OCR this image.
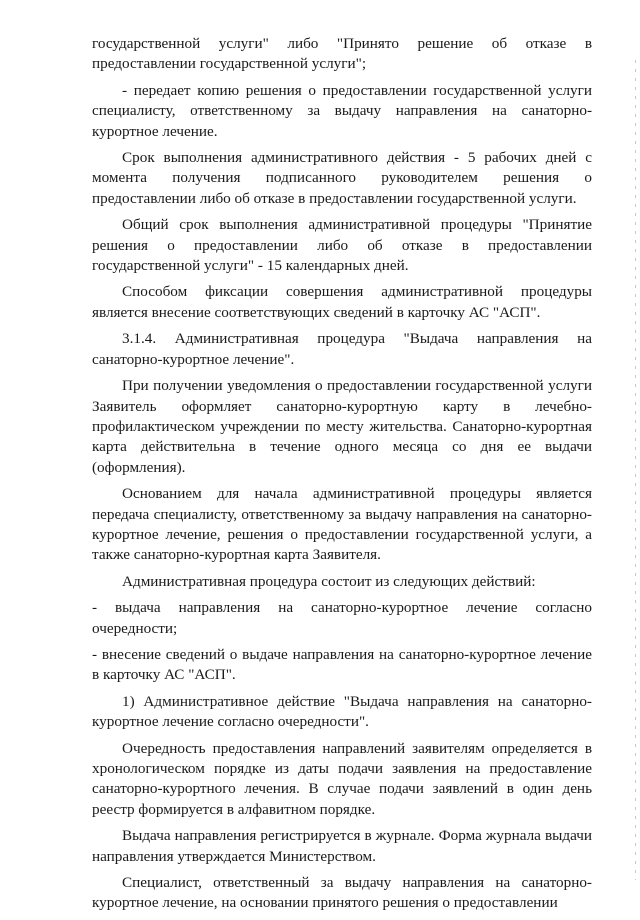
государственной услуги" либо "Принято решение об отказе в предоставлении государственной услуги";

- передает копию решения о предоставлении государственной услуги специалисту, ответственному за выдачу направления на санаторно-курортное лечение.

Срок выполнения административного действия - 5 рабочих дней с момента получения подписанного руководителем решения о предоставлении либо об отказе в предоставлении государственной услуги.

Общий срок выполнения административной процедуры "Принятие решения о предоставлении либо об отказе в предоставлении государственной услуги" - 15 календарных дней.

Способом фиксации совершения административной процедуры является внесение соответствующих сведений в карточку АС "АСП".

3.1.4. Административная процедура "Выдача направления на санаторно-курортное лечение".

При получении уведомления о предоставлении государственной услуги Заявитель оформляет санаторно-курортную карту в лечебно-профилактическом учреждении по месту жительства. Санаторно-курортная карта действительна в течение одного месяца со дня ее выдачи (оформления).

Основанием для начала административной процедуры является передача специалисту, ответственному за выдачу направления на санаторно-курортное лечение, решения о предоставлении государственной услуги, а также санаторно-курортная карта Заявителя.

Административная процедура состоит из следующих действий:

- выдача направления на санаторно-курортное лечение согласно очередности;

- внесение сведений о выдаче направления на санаторно-курортное лечение в карточку АС "АСП".

1) Административное действие "Выдача направления на санаторно-курортное лечение согласно очередности".

Очередность предоставления направлений заявителям определяется в хронологическом порядке из даты подачи заявления на предоставление санаторно-курортного лечения. В случае подачи заявлений в один день реестр формируется в алфавитном порядке.

Выдача направления регистрируется в журнале. Форма журнала выдачи направления утверждается Министерством.

Специалист, ответственный за выдачу направления на санаторно-курортное лечение, на основании принятого решения о предоставлении
